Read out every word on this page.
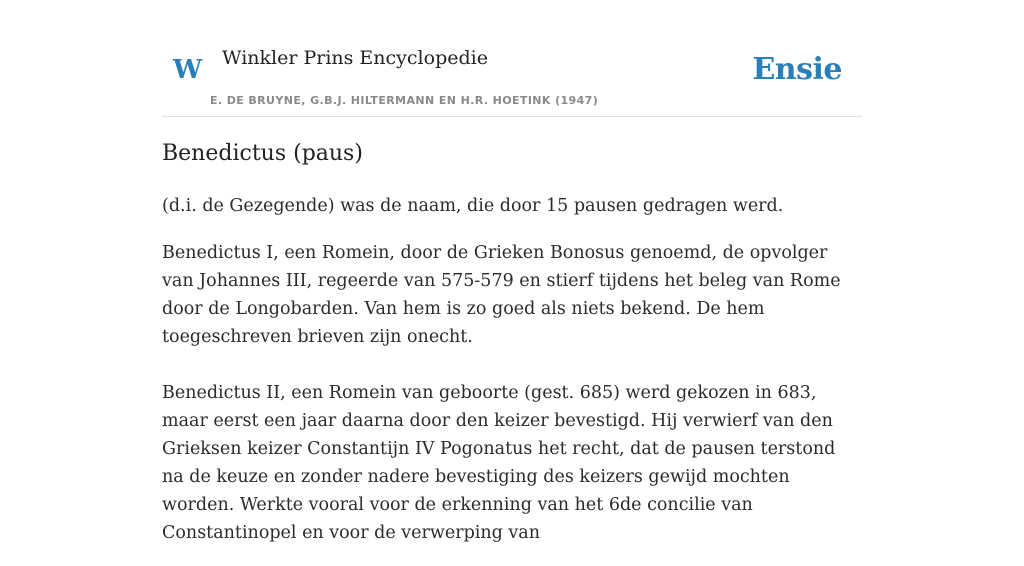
W Winkler Prins Encyclopedie
E. DE BRUYNE, G.B.J. HILTERMANN EN H.R. HOETINK (1947)
Ensie
Benedictus (paus)

(d.i. de Gezegende) was de naam, die door 15 pausen gedragen werd.

Benedictus I, een Romein, door de Grieken Bonosus genoemd, de opvolger van Johannes III, regeerde van 575-579 en stierf tijdens het beleg van Rome door de Longobarden. Van hem is zo goed als niets bekend. De hem toegeschreven brieven zijn onecht.

Benedictus II, een Romein van geboorte (gest. 685) werd gekozen in 683, maar eerst een jaar daarna door den keizer bevestigd. Hij verwierf van den Grieksen keizer Constantijn IV Pogonatus het recht, dat de pausen terstond na de keuze en zonder nadere bevestiging des keizers gewijd mochten worden. Werkte vooral voor de erkenning van het 6de concilie van Constantinopel en voor de verwerping van
